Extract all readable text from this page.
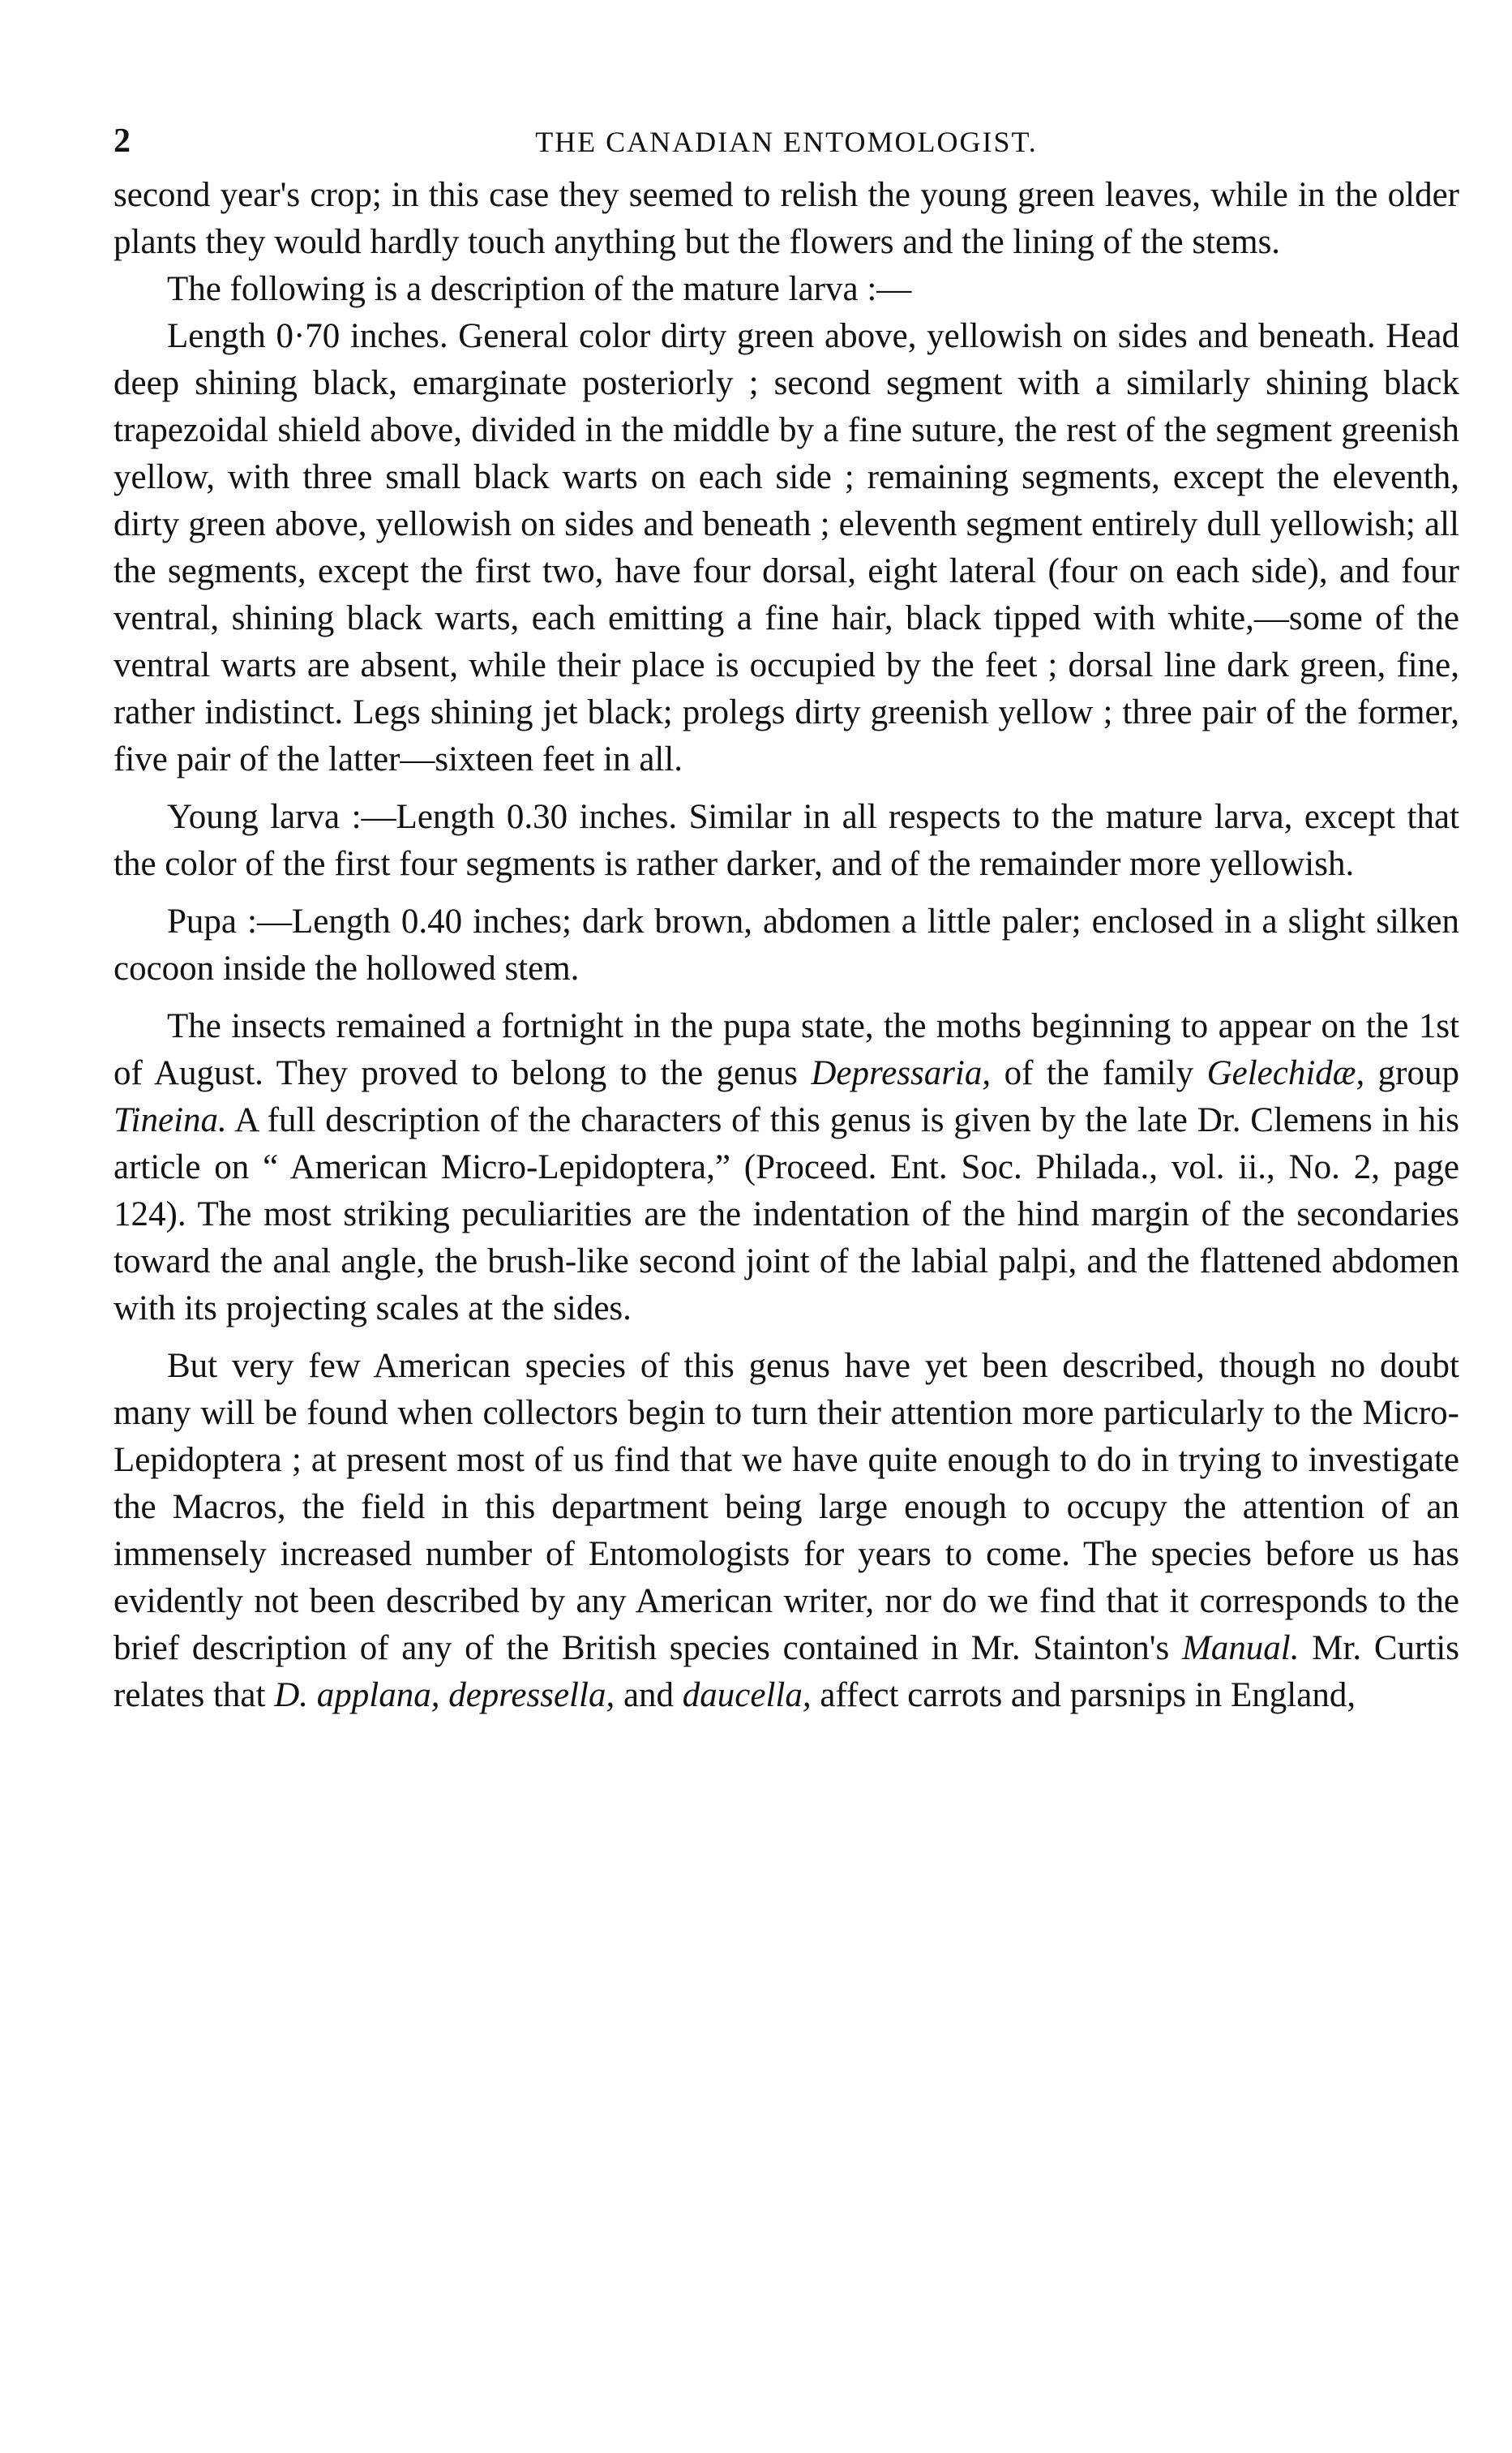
2	THE CANADIAN ENTOMOLOGIST.

second year's crop; in this case they seemed to relish the young green leaves, while in the older plants they would hardly touch anything but the flowers and the lining of the stems.

The following is a description of the mature larva :—

Length 0·70 inches. General color dirty green above, yellowish on sides and beneath. Head deep shining black, emarginate posteriorly ; second segment with a similarly shining black trapezoidal shield above, divided in the middle by a fine suture, the rest of the segment greenish yellow, with three small black warts on each side ; remaining segments, except the eleventh, dirty green above, yellowish on sides and beneath ; eleventh segment entirely dull yellowish; all the segments, except the first two, have four dorsal, eight lateral (four on each side), and four ventral, shining black warts, each emitting a fine hair, black tipped with white,—some of the ventral warts are absent, while their place is occupied by the feet ; dorsal line dark green, fine, rather indistinct. Legs shining jet black; prolegs dirty greenish yellow ; three pair of the former, five pair of the latter—sixteen feet in all.

Young larva :—Length 0.30 inches. Similar in all respects to the mature larva, except that the color of the first four segments is rather darker, and of the remainder more yellowish.

Pupa :—Length 0.40 inches; dark brown, abdomen a little paler; enclosed in a slight silken cocoon inside the hollowed stem.

The insects remained a fortnight in the pupa state, the moths beginning to appear on the 1st of August. They proved to belong to the genus Depressaria, of the family Gelechidæ, group Tineina. A full description of the characters of this genus is given by the late Dr. Clemens in his article on “ American Micro-Lepidoptera,” (Proceed. Ent. Soc. Philada., vol. ii., No. 2, page 124). The most striking peculiarities are the indentation of the hind margin of the secondaries toward the anal angle, the brush-like second joint of the labial palpi, and the flattened abdomen with its projecting scales at the sides.

But very few American species of this genus have yet been described, though no doubt many will be found when collectors begin to turn their attention more particularly to the Micro-Lepidoptera ; at present most of us find that we have quite enough to do in trying to investigate the Macros, the field in this department being large enough to occupy the attention of an immensely increased number of Entomologists for years to come. The species before us has evidently not been described by any American writer, nor do we find that it corresponds to the brief description of any of the British species contained in Mr. Stainton's Manual. Mr. Curtis relates that D. applana, depressella, and daucella, affect carrots and parsnips in England,
